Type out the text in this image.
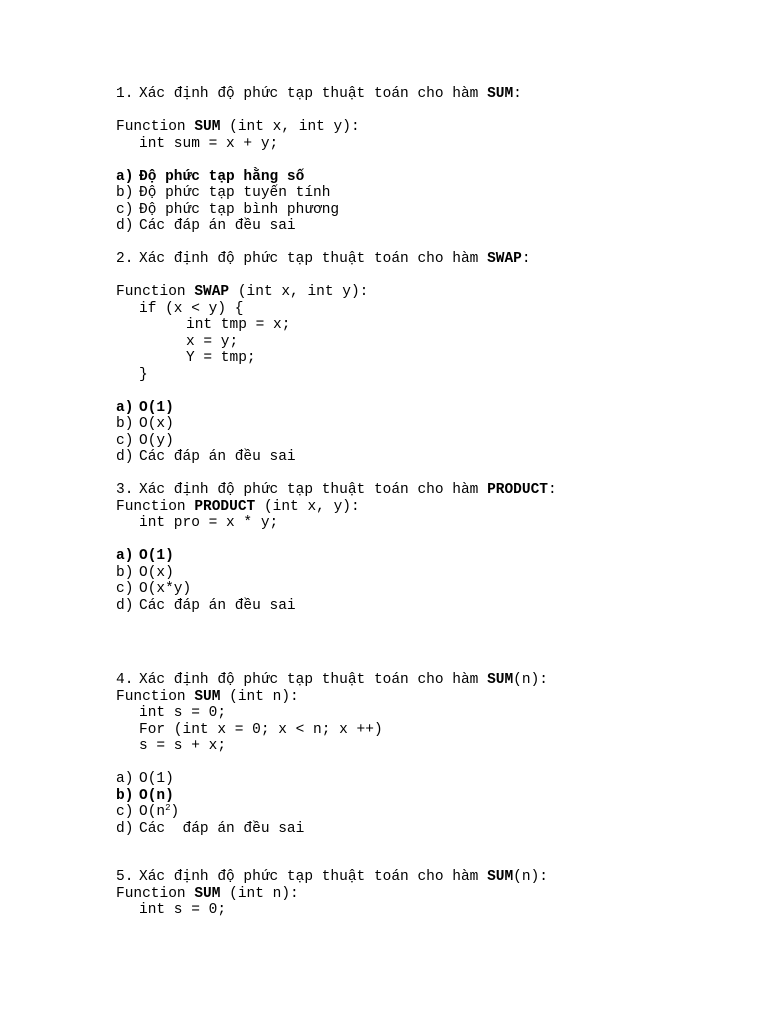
1. Xác định độ phức tạp thuật toán cho hàm SUM:
Function SUM (int x, int y):
int sum = x + y;
a) Độ phức tạp hằng số
b) Độ phức tạp tuyến tính
c) Độ phức tạp bình phương
d) Các đáp án đều sai
2. Xác định độ phức tạp thuật toán cho hàm SWAP:
Function SWAP (int x, int y):
if (x < y) {
int tmp = x;
x = y;
Y = tmp;
}
a) O(1)
b) O(x)
c) O(y)
d) Các đáp án đều sai
3. Xác định độ phức tạp thuật toán cho hàm PRODUCT:
Function PRODUCT (int x, y):
int pro = x * y;
a) O(1)
b) O(x)
c) O(x*y)
d) Các đáp án đều sai
4. Xác định độ phức tạp thuật toán cho hàm SUM(n):
Function SUM (int n):
int s = 0;
For (int x = 0; x < n; x ++)
s = s + x;
a) O(1)
b) O(n)
c) $O(n^2)$
d) Các  đáp án đều sai
5. Xác định độ phức tạp thuật toán cho hàm SUM(n):
Function SUM (int n):
int s = 0;
